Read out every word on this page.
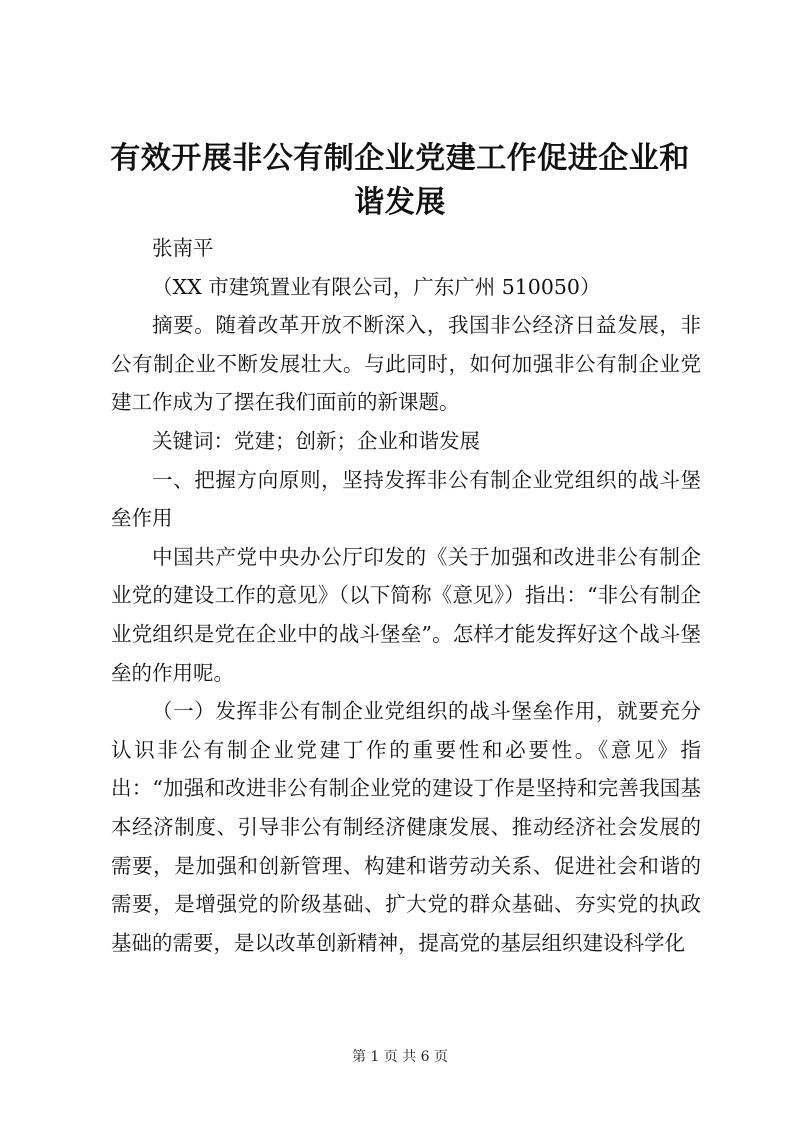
有效开展非公有制企业党建工作促进企业和谐发展

张南平

（XX 市建筑置业有限公司，广东广州 510050）

摘要。随着改革开放不断深入，我国非公经济日益发展，非公有制企业不断发展壮大。与此同时，如何加强非公有制企业党建工作成为了摆在我们面前的新课题。

关键词：党建；创新；企业和谐发展

一、把握方向原则，坚持发挥非公有制企业党组织的战斗堡垒作用

中国共产党中央办公厅印发的《关于加强和改进非公有制企业党的建设工作的意见》（以下简称《意见》）指出：“非公有制企业党组织是党在企业中的战斗堡垒”。怎样才能发挥好这个战斗堡垒的作用呢。

（一）发挥非公有制企业党组织的战斗堡垒作用，就要充分认识非公有制企业党建丁作的重要性和必要性。《意见》指出：“加强和改进非公有制企业党的建设丁作是坚持和完善我国基本经济制度、引导非公有制经济健康发展、推动经济社会发展的需要，是加强和创新管理、构建和谐劳动关系、促进社会和谐的需要，是增强党的阶级基础、扩大党的群众基础、夯实党的执政基础的需要，是以改革创新精神，提高党的基层组织建设科学化

第 1 页 共 6 页
